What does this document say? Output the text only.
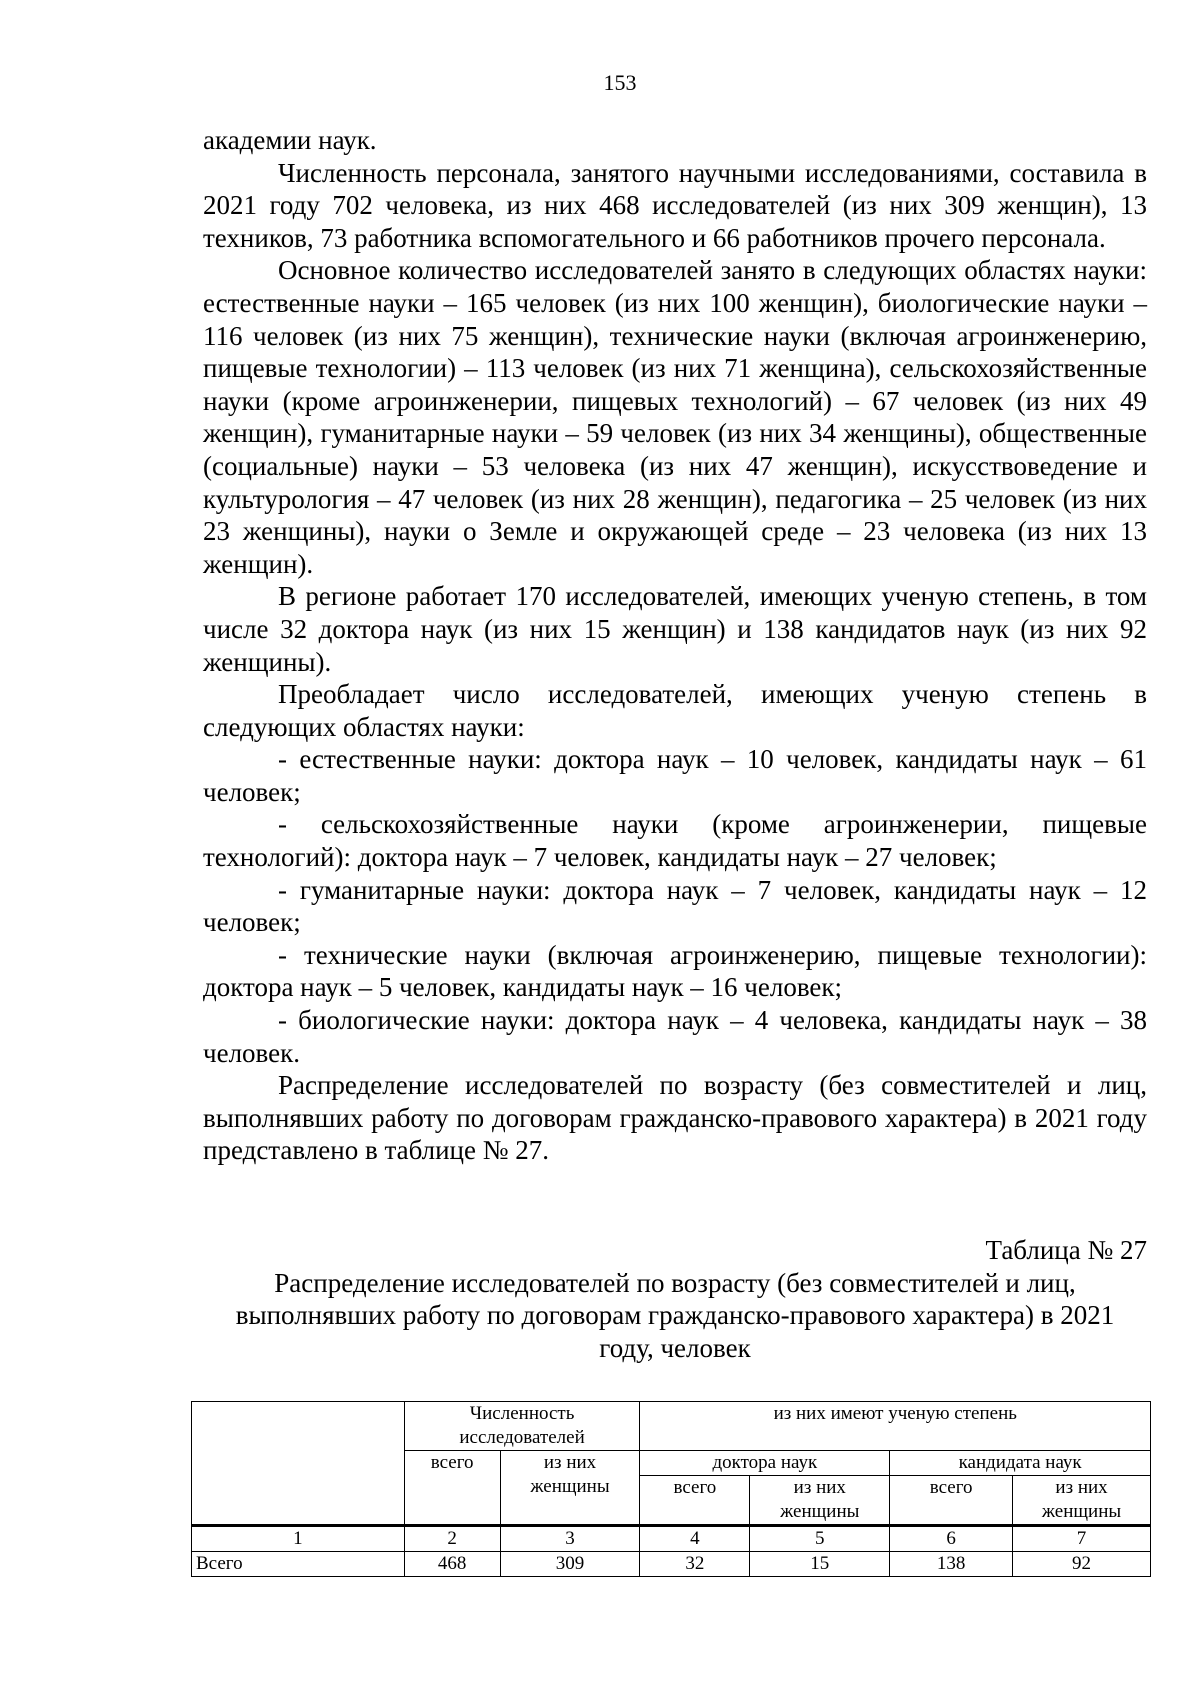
153

академии наук.

Численность персонала, занятого научными исследованиями, составила в 2021 году 702 человека, из них 468 исследователей (из них 309 женщин), 13 техников, 73 работника вспомогательного и 66 работников прочего персонала.

Основное количество исследователей занято в следующих областях науки: естественные науки – 165 человек (из них 100 женщин), биологические науки – 116 человек (из них 75 женщин), технические науки (включая агроинженерию, пищевые технологии) – 113 человек (из них 71 женщина), сельскохозяйственные науки (кроме агроинженерии, пищевых технологий) – 67 человек (из них 49 женщин), гуманитарные науки – 59 человек (из них 34 женщины), общественные (социальные) науки – 53 человека (из них 47 женщин), искусствоведение и культурология – 47 человек (из них 28 женщин), педагогика – 25 человек (из них 23 женщины), науки о Земле и окружающей среде – 23 человека (из них 13 женщин).

В регионе работает 170 исследователей, имеющих ученую степень, в том числе 32 доктора наук (из них 15 женщин) и 138 кандидатов наук (из них 92 женщины).

Преобладает число исследователей, имеющих ученую степень в следующих областях науки:

- естественные науки: доктора наук – 10 человек, кандидаты наук – 61 человек;

- сельскохозяйственные науки (кроме агроинженерии, пищевые технологий): доктора наук – 7 человек, кандидаты наук – 27 человек;

- гуманитарные науки: доктора наук – 7 человек, кандидаты наук – 12 человек;

- технические науки (включая агроинженерию, пищевые технологии): доктора наук – 5 человек, кандидаты наук – 16 человек;

- биологические науки: доктора наук – 4 человека, кандидаты наук – 38 человек.

Распределение исследователей по возрасту (без совместителей и лиц, выполнявших работу по договорам гражданско-правового характера) в 2021 году представлено в таблице № 27.

Таблица № 27
Распределение исследователей по возрасту (без совместителей и лиц, выполнявших работу по договорам гражданско-правового характера) в 2021 году, человек
	Численность исследователей		из них имеют ученую степень			
	всего	из них женщины	доктора наук		кандидата наук	
			всего	из них женщины	всего	из них женщины

1	2	3	4	5	6	7
Всего	468	309	32	15	138	92
